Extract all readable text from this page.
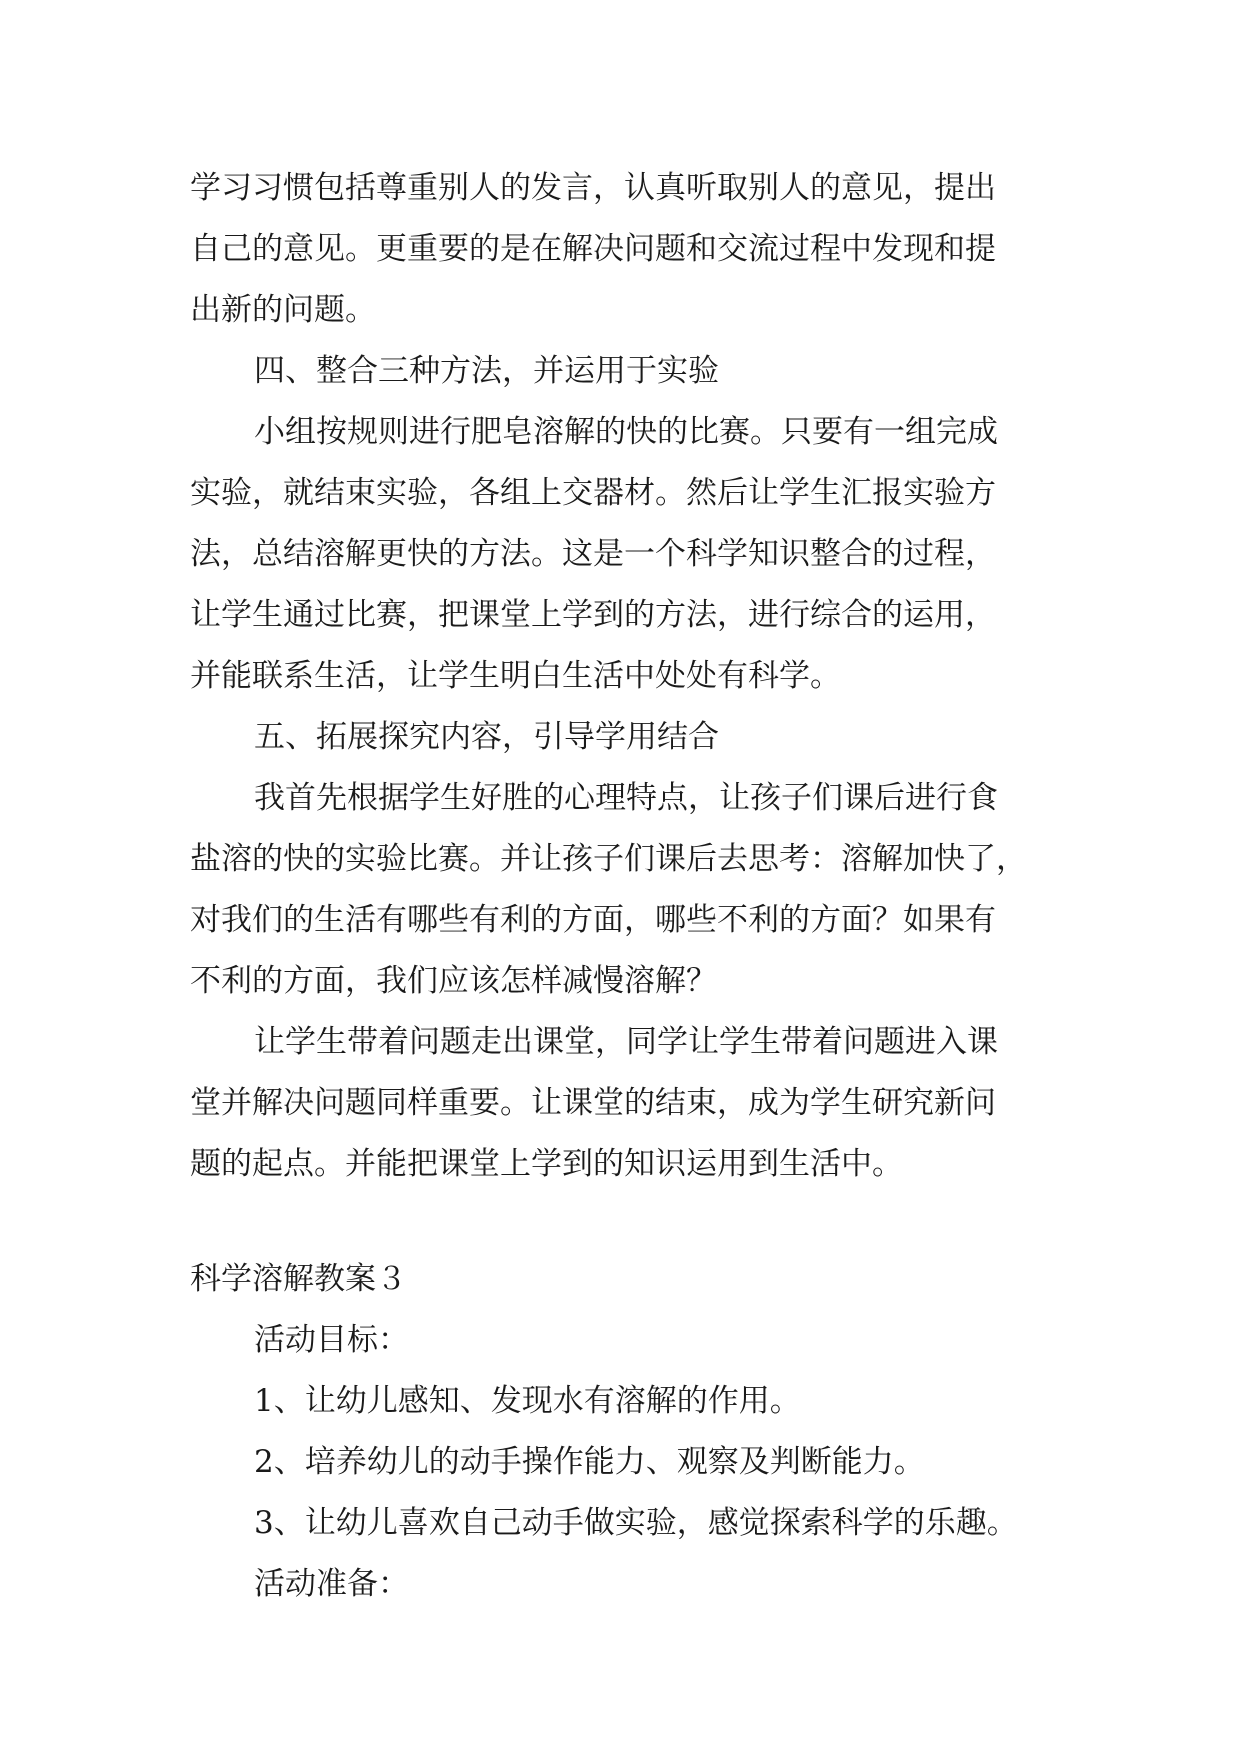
学习习惯包括尊重别人的发言，认真听取别人的意见，提出
自己的意见。更重要的是在解决问题和交流过程中发现和提
出新的问题。
四、整合三种方法，并运用于实验
小组按规则进行肥皂溶解的快的比赛。只要有一组完成
实验，就结束实验，各组上交器材。然后让学生汇报实验方
法，总结溶解更快的方法。这是一个科学知识整合的过程，
让学生通过比赛，把课堂上学到的方法，进行综合的运用，
并能联系生活，让学生明白生活中处处有科学。
五、拓展探究内容，引导学用结合
我首先根据学生好胜的心理特点，让孩子们课后进行食
盐溶的快的实验比赛。并让孩子们课后去思考：溶解加快了，
对我们的生活有哪些有利的方面，哪些不利的方面？如果有
不利的方面，我们应该怎样减慢溶解？
让学生带着问题走出课堂，同学让学生带着问题进入课
堂并解决问题同样重要。让课堂的结束，成为学生研究新问
题的起点。并能把课堂上学到的知识运用到生活中。
科学溶解教案３
活动目标：
1、让幼儿感知、发现水有溶解的作用。
2、培养幼儿的动手操作能力、观察及判断能力。
3、让幼儿喜欢自己动手做实验，感觉探索科学的乐趣。
活动准备：
